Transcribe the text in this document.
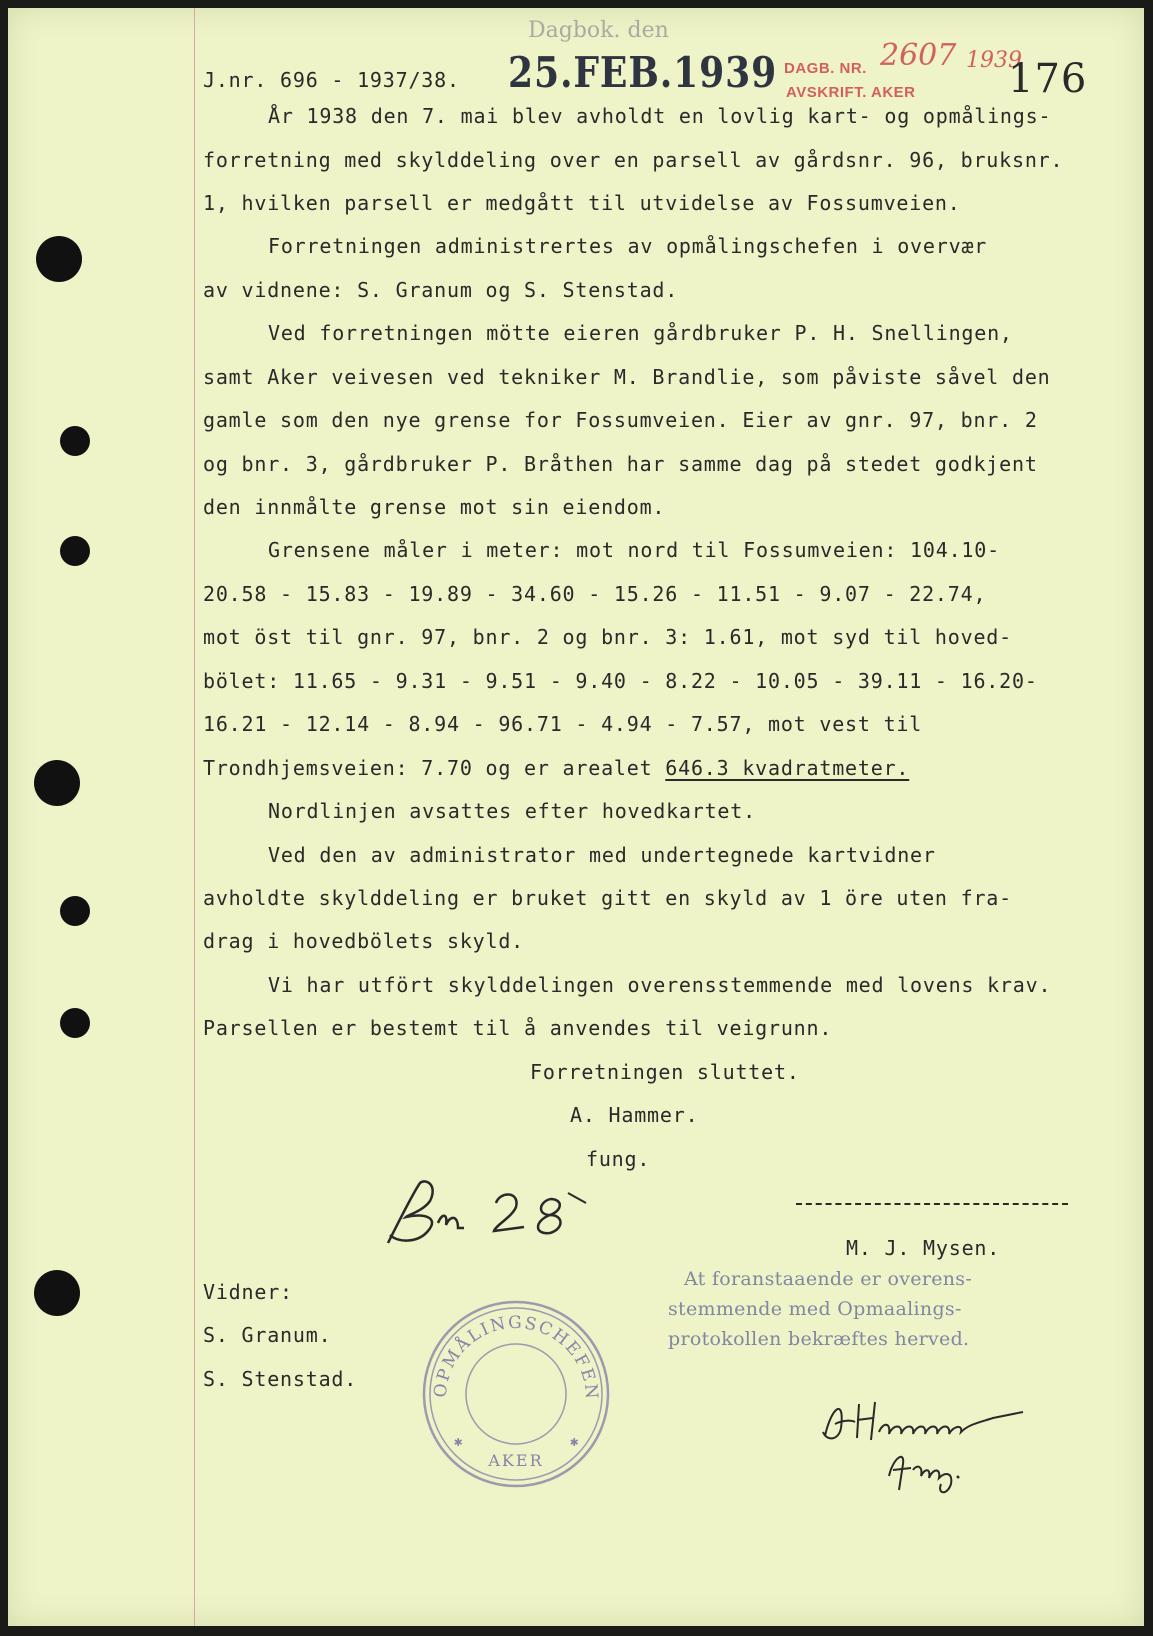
J.nr. 696 - 1937/38.
Dagbok. den
25.FEB.1939 DAGB. NR. 2607 1939
AVSKRIFT. AKER 176
År 1938 den 7. mai blev avholdt en lovlig kart- og opmålings-
forretning med skylddeling over en parsell av gårdsnr. 96, bruksnr.
1, hvilken parsell er medgått til utvidelse av Fossumveien.
Forretningen administrertes av opmålingschefen i overvær
av vidnene: S. Granum og S. Stenstad.
Ved forretningen mötte eieren gårdbruker P. H. Snellingen,
samt Aker veivesen ved tekniker M. Brandlie, som påviste såvel den
gamle som den nye grense for Fossumveien. Eier av gnr. 97, bnr. 2
og bnr. 3, gårdbruker P. Bråthen har samme dag på stedet godkjent
den innmålte grense mot sin eiendom.
Grensene måler i meter: mot nord til Fossumveien: 104.10-
20.58 - 15.83 - 19.89 - 34.60 - 15.26 - 11.51 - 9.07 - 22.74,
mot öst til gnr. 97, bnr. 2 og bnr. 3: 1.61, mot syd til hoved-
bölet: 11.65 - 9.31 - 9.51 - 9.40 - 8.22 - 10.05 - 39.11 - 16.20-
16.21 - 12.14 - 8.94 - 96.71 - 4.94 - 7.57, mot vest til
Trondhjemsveien: 7.70 og er arealet 646.3 kvadratmeter.
Nordlinjen avsattes efter hovedkartet.
Ved den av administrator med undertegnede kartvidner
avholdte skylddeling er bruket gitt en skyld av 1 öre uten fra-
drag i hovedbölets skyld.
Vi har utfört skylddelingen overensstemmende med lovens krav.
Parsellen er bestemt til å anvendes til veigrunn.
Forretningen sluttet.
A. Hammer.
fung.
M. J. Mysen.
Vidner:
S. Granum.
S. Stenstad.
At foranstaaende er overens-
stemmende med Opmaalings-
protokollen bekræftes herved.
OPMÅLINGSCHEFEN
AKER
✱	✱
